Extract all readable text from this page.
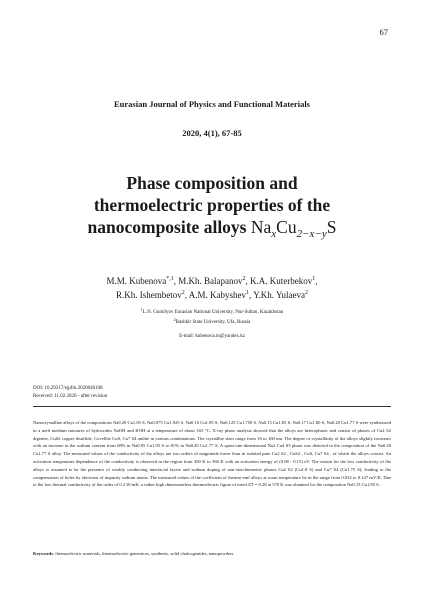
67
Eurasian Journal of Physics and Functional Materials
2020, 4(1), 67-85
Phase composition and
thermoelectric properties of the
nanocomposite alloys $Na_xCu_{2-x-y}S$
M.M. Kubenova$^{*,1}$, M.Kh. Balapanov$^2$, K.A. Kuterbekov$^1$,
R.Kh. Ishembetov$^2$, A.M. Kabyshev$^1$, Y.Kh. Yulaeva$^2$
$^1$L.N. Gumilyov Eurasian National University, Nur-Sultan, Kazakhstan
$^2$Bashkir State University, Ufa, Russia
E-mail: kubenova.m@yandex.kz
DOI: 10.29317/ejpfm.2020040108
Received: 11.02.2020 - after revision
Nanocrystalline alloys of the compositions Na0.20 Cu1.85 S, Na0.075 Cu1.925 S, Na0.10 Cu1.85 S, Na0.125 Cu1.750 S, Na0.15 Cu1.85 S, Na0.17 Cu1.80 S, Na0.20 Cu1.77 S were synthesized in a melt medium mixtures of hydroxides NaOH and KOH at a temperature of about 165 °C. X-ray phase analysis showed that the alloys are heterophasic and consist of phases of Cu2 S2 digenite, CuS2 copper disulfide, Covellite CuS, Cu7 S4 anilite in various combinations. The crystallite sizes range from 16 to 160 nm. The degree of crystallinity of the alloys slightly increases with an increase in the sodium content from 68% in Na0.05 Cu1.95 S to 81% in Na0.20 Cu1.77 S. A quasi-one-dimensional Na2 Cu4 S3 phase was detected in the composition of the Na0.20 Cu1.77 S alloy. The measured values of the conductivity of the alloys are two orders of magnitude lower than in isolated pure Cu2 S2 , CuS2 , CuS, Cu7 S4 , of which the alloys consist. An activation temperature dependence of the conductivity is observed in the region from 300 K to 360 K with an activation energy of (0.08 - 0.15) eV. The reason for the low conductivity of the alloys is assumed to be the presence of weakly conducting interfacial layers and sodium doping of non-stoichiometric phases Cu2 S2 (Cu1.8 S) and Cu7 S4 (Cu1.75 S), leading to the compensation of holes by electrons of impurity sodium atoms. The measured values of the coefficient of thermo-emf alloys at room temperature lie in the range from 0.032 to 0.147 mV/K. Due to the low thermal conductivity of the order of 0.2 W/mK, a rather high dimensionless thermoelectric figure of merit ZT = 0.28 at 570 K was obtained for the composition Na0.15 Cu1.85 S.
Keywords: thermoelectric materials, thermoelectric generators, synthesis, solid chalcogenides, nanopowders.
